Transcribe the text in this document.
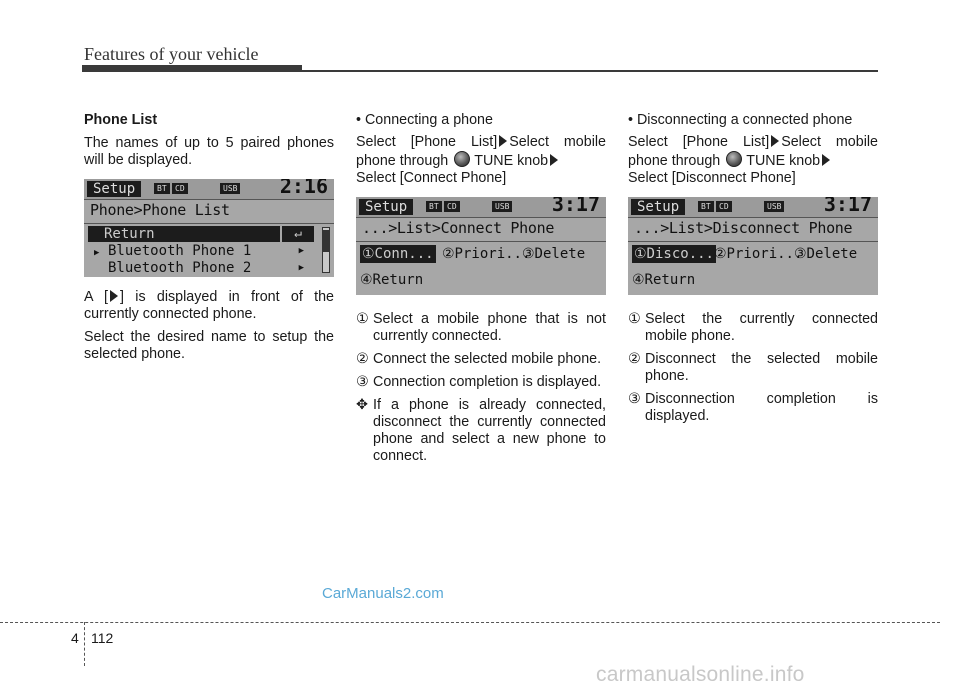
Features of your vehicle

Phone List

The names of up to 5 paired phones will be displayed.

Setup	BT	CD	USB 2:16
Phone>Phone List
Return	↵
▶ Bluetooth Phone 1	▶
Bluetooth Phone 2	▶

A [ ] is displayed in front of the currently connected phone.

Select the desired name to setup the selected phone.

• Connecting a phone

Select [Phone List] Select mobile phone through TUNE knob
Select [Connect Phone]

Setup	BT	CD	USB 3:17
...>List>Connect Phone
①Conn... ②Priori...
③Delete
④Return
① Select a mobile phone that is not currently connected.
② Connect the selected mobile phone.
③ Connection completion is displayed.
✥ If a phone is already connected, disconnect the currently connected phone and select a new phone to connect.

• Disconnecting a connected phone

Select [Phone List] Select mobile phone through TUNE knob
Select [Disconnect Phone]

Setup	BT	CD	USB 3:17
...>List>Disconnect Phone
①Disco... ②Priori...
③Delete
④Return
① Select the currently connected mobile phone.
② Disconnect the selected mobile phone.
③ Disconnection completion is displayed.
CarManuals2.com
4 112
carmanualsonline.info
